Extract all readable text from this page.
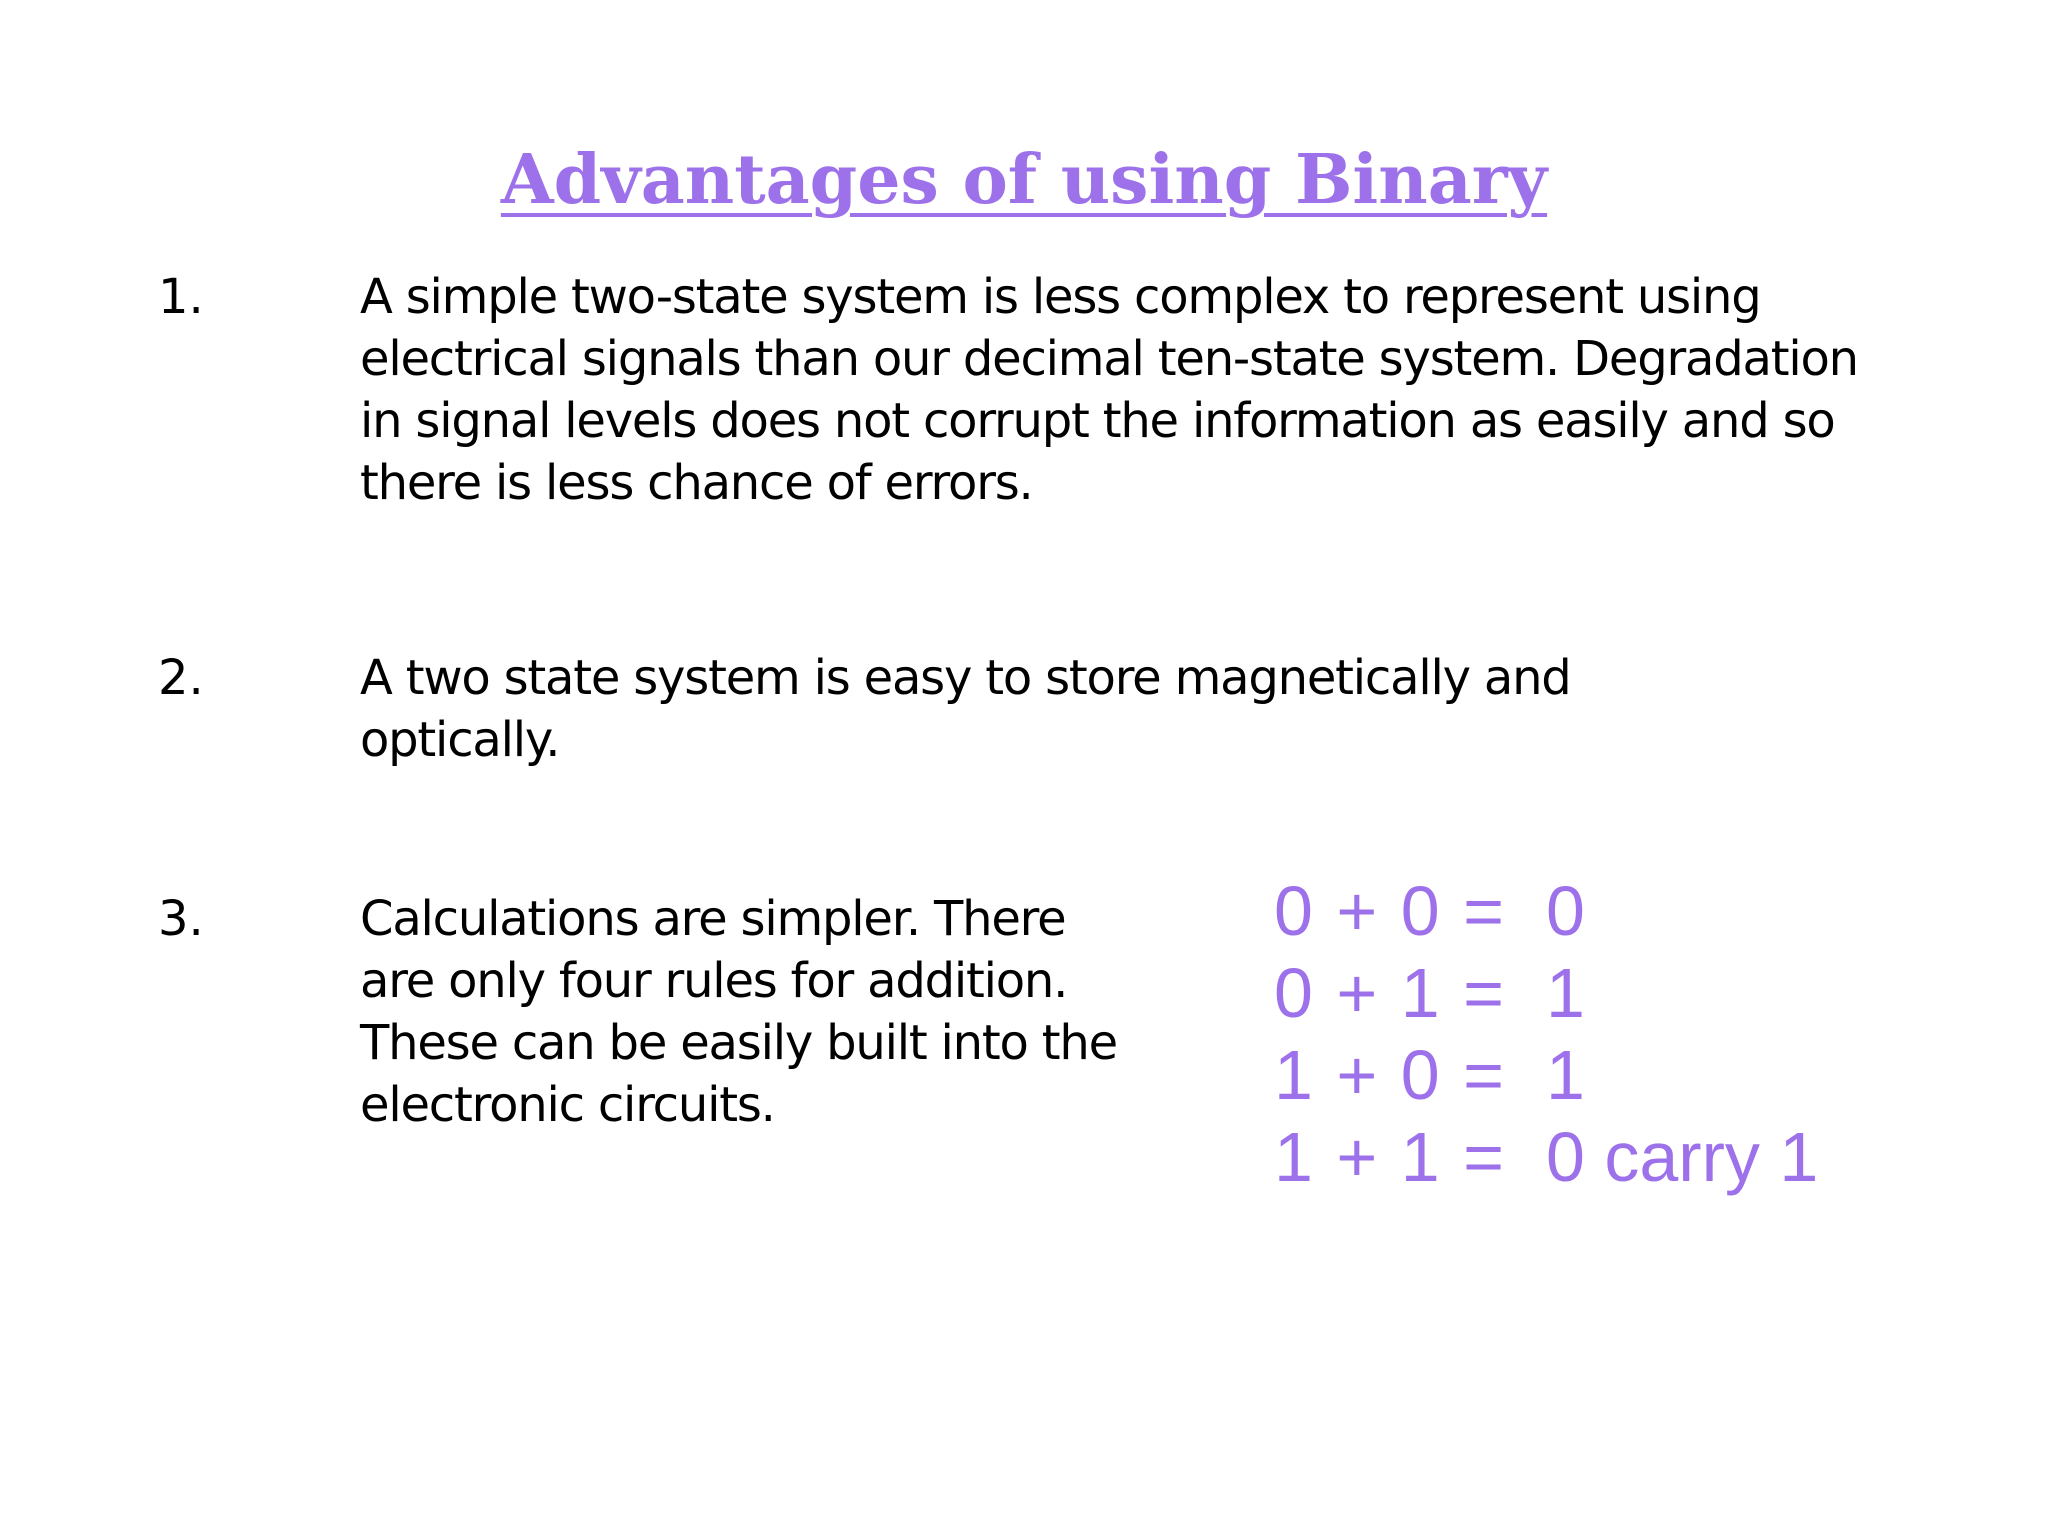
Advantages of using Binary
1.	A simple two-state system is less complex to represent using
electrical signals than our decimal ten-state system. Degradation
in signal levels does not corrupt the information as easily and so
there is less chance of errors.
2.	A two state system is easy to store magnetically and
optically.
3.	Calculations are simpler. There
are only four rules for addition.
These can be easily built into the
electronic circuits.
0 + 0 = 0
0 + 1 = 1
1 + 0 = 1
1 + 1 = 0 carry 1
